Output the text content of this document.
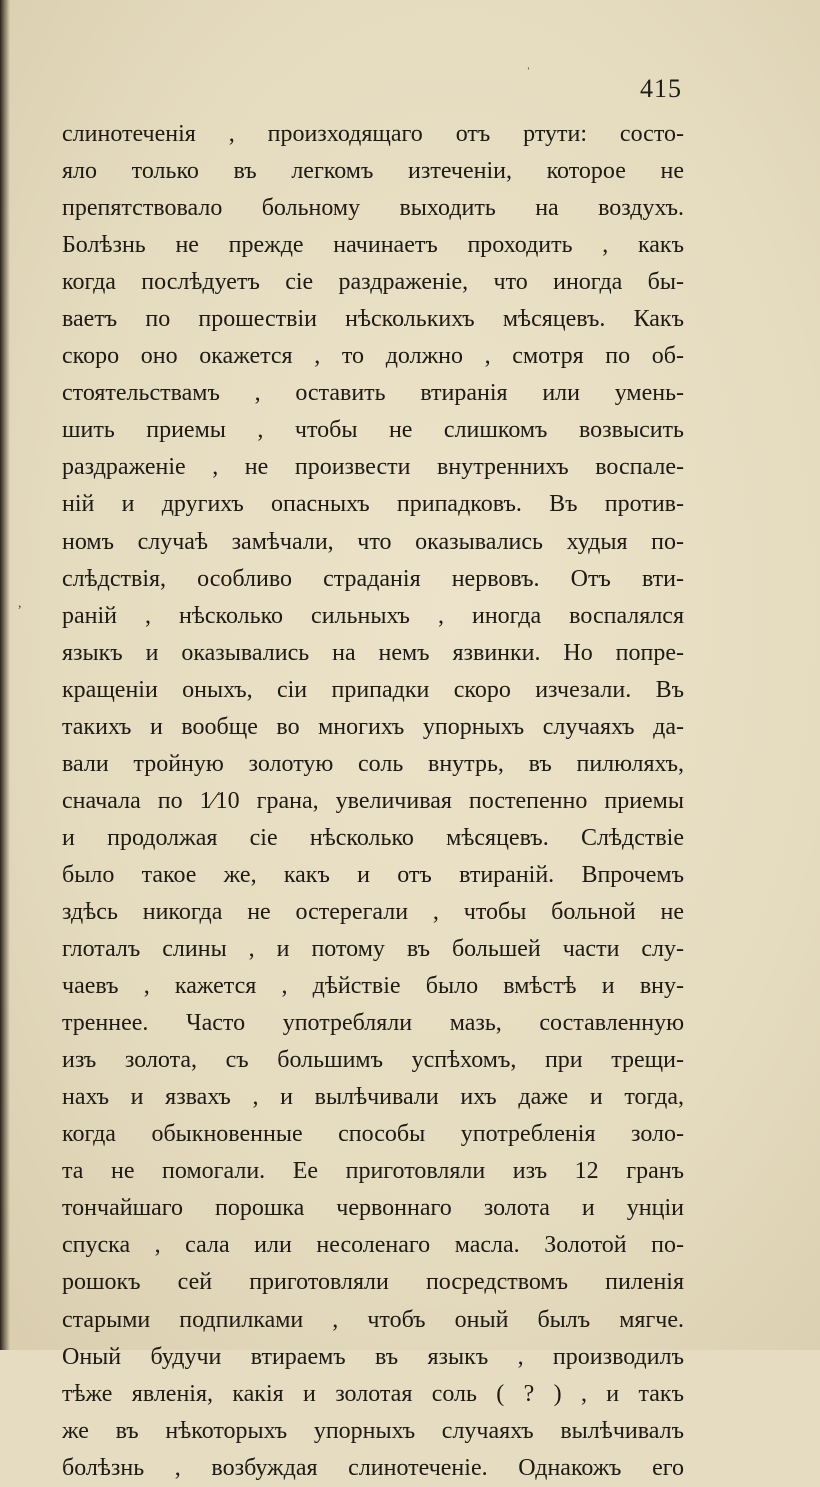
ˈ
,
415
слинотеченія , произходящаго отъ ртути: состо-
яло только въ легкомъ изтеченіи, которое не
препятствовало больному выходить на воздухъ.
Болѣзнь не прежде начинаетъ проходить , какъ
когда послѣдуетъ сіе раздраженіе, что иногда бы-
ваетъ по прошествіи нѣсколькихъ мѣсяцевъ. Какъ
скоро оно окажется , то должно , смотря по об-
стоятельствамъ , оставить втиранія или умень-
шить приемы , чтобы не слишкомъ возвысить
раздраженіе , не произвести внутреннихъ воспале-
ній и другихъ опасныхъ припадковъ. Въ против-
номъ случаѣ замѣчали, что оказывались худыя по-
слѣдствія, особливо страданія нервовъ. Отъ вти-
раній , нѣсколько сильныхъ , иногда воспалялся
языкъ и оказывались на немъ язвинки. Но попре-
кращеніи оныхъ, сіи припадки скоро изчезали. Въ
такихъ и вообще во многихъ упорныхъ случаяхъ да-
вали тройную золотую соль внутрь, въ пилюляхъ,
сначала по 1⁄10 грана, увеличивая постепенно приемы
и продолжая сіе нѣсколько мѣсяцевъ. Слѣдствіе
было такое же, какъ и отъ втираній. Впрочемъ
здѣсь никогда не остерегали , чтобы больной не
глоталъ слины , и потому въ большей части слу-
чаевъ , кажется , дѣйствіе было вмѣстѣ и вну-
треннее. Часто употребляли мазь, составленную
изъ золота, съ большимъ успѣхомъ, при трещи-
нахъ и язвахъ , и вылѣчивали ихъ даже и тогда,
когда обыкновенные способы употребленія золо-
та не помогали. Ее приготовляли изъ 12 гранъ
тончайшаго порошка червоннаго золота и унціи
спуска , сала или несоленаго масла. Золотой по-
рошокъ сей приготовляли посредствомъ пиленія
старыми подпилками , чтобъ оный былъ мягче.
Оный будучи втираемъ въ языкъ , производилъ
тѣже явленія, какія и золотая соль ( ? ) , и такъ
же въ нѣкоторыхъ упорныхъ случаяхъ вылѣчивалъ
болѣзнь , возбуждая слинотеченіе. Однакожъ его
